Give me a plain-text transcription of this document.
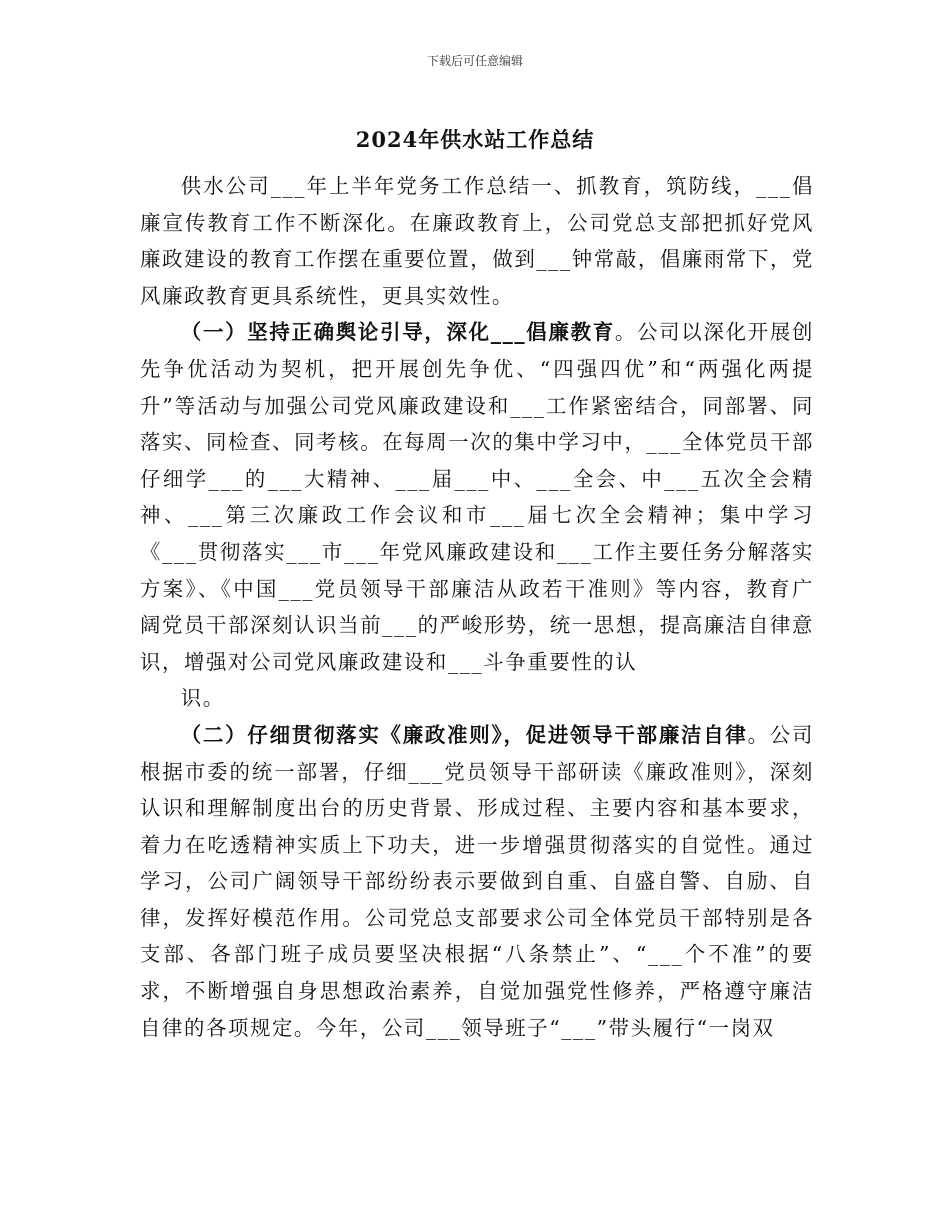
下载后可任意编辑
2024年供水站工作总结

供水公司___年上半年党务工作总结一、抓教育，筑防线，___倡廉宣传教育工作不断深化。在廉政教育上，公司党总支部把抓好党风廉政建设的教育工作摆在重要位置，做到___钟常敲，倡廉雨常下，党风廉政教育更具系统性，更具实效性。

（一）坚持正确舆论引导，深化___倡廉教育。公司以深化开展创先争优活动为契机，把开展创先争优、“四强四优”和“两强化两提升”等活动与加强公司党风廉政建设和___工作紧密结合，同部署、同落实、同检查、同考核。在每周一次的集中学习中，___全体党员干部仔细学___的___大精神、___届___中、___全会、中___五次全会精神、___第三次廉政工作会议和市___届七次全会精神；集中学习《___贯彻落实___市___年党风廉政建设和___工作主要任务分解落实方案》、《中国___党员领导干部廉洁从政若干准则》等内容，教育广阔党员干部深刻认识当前___的严峻形势，统一思想，提高廉洁自律意识，增强对公司党风廉政建设和___斗争重要性的认

识。

（二）仔细贯彻落实《廉政准则》，促进领导干部廉洁自律。公司根据市委的统一部署，仔细___党员领导干部研读《廉政准则》，深刻认识和理解制度出台的历史背景、形成过程、主要内容和基本要求，着力在吃透精神实质上下功夫，进一步增强贯彻落实的自觉性。通过学习，公司广阔领导干部纷纷表示要做到自重、自盛自警、自励、自律，发挥好模范作用。公司党总支部要求公司全体党员干部特别是各支部、各部门班子成员要坚决根据“八条禁止”、“___个不准”的要求，不断增强自身思想政治素养，自觉加强党性修养，严格遵守廉洁自律的各项规定。今年，公司___领导班子“___”带头履行“一岗双
